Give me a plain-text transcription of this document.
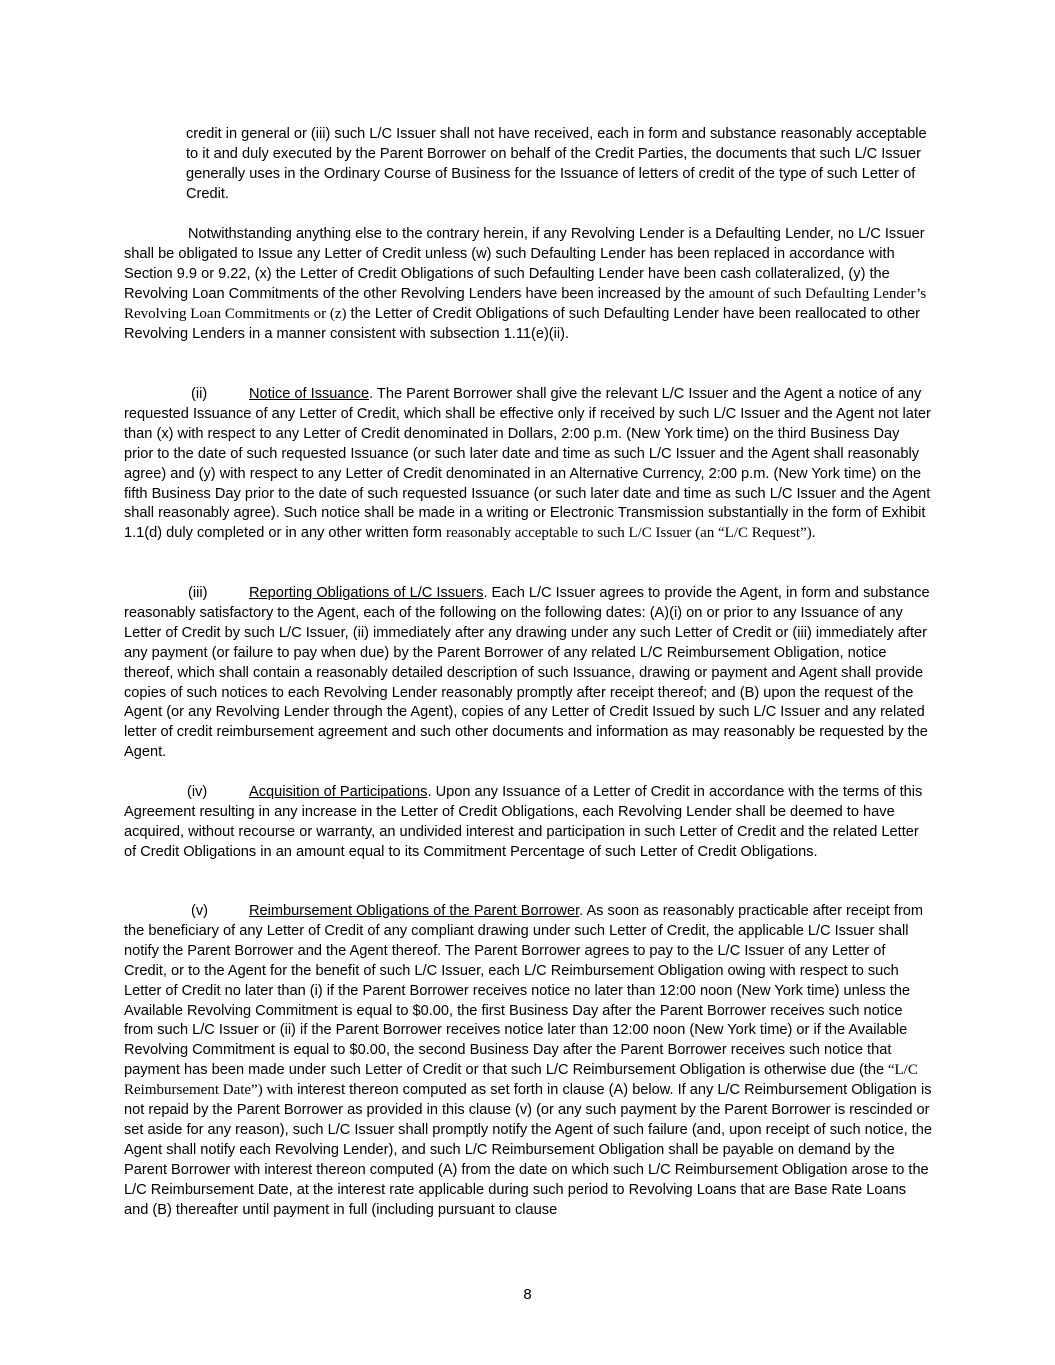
credit in general or (iii) such L/C Issuer shall not have received, each in form and substance reasonably acceptable to it and duly executed by the Parent Borrower on behalf of the Credit Parties, the documents that such L/C Issuer generally uses in the Ordinary Course of Business for the Issuance of letters of credit of the type of such Letter of Credit.

Notwithstanding anything else to the contrary herein, if any Revolving Lender is a Defaulting Lender, no L/C Issuer shall be obligated to Issue any Letter of Credit unless (w) such Defaulting Lender has been replaced in accordance with Section 9.9 or 9.22, (x) the Letter of Credit Obligations of such Defaulting Lender have been cash collateralized, (y) the Revolving Loan Commitments of the other Revolving Lenders have been increased by the amount of such Defaulting Lender’s Revolving Loan Commitments or (z) the Letter of Credit Obligations of such Defaulting Lender have been reallocated to other Revolving Lenders in a manner consistent with subsection 1.11(e)(ii).

(ii)	Notice of Issuance. The Parent Borrower shall give the relevant L/C Issuer and the Agent a notice of any requested Issuance of any Letter of Credit, which shall be effective only if received by such L/C Issuer and the Agent not later than (x) with respect to any Letter of Credit denominated in Dollars, 2:00 p.m. (New York time) on the third Business Day prior to the date of such requested Issuance (or such later date and time as such L/C Issuer and the Agent shall reasonably agree) and (y) with respect to any Letter of Credit denominated in an Alternative Currency, 2:00 p.m. (New York time) on the fifth Business Day prior to the date of such requested Issuance (or such later date and time as such L/C Issuer and the Agent shall reasonably agree). Such notice shall be made in a writing or Electronic Transmission substantially in the form of Exhibit 1.1(d) duly completed or in any other written form reasonably acceptable to such L/C Issuer (an “L/C Request”).

(iii)	Reporting Obligations of L/C Issuers. Each L/C Issuer agrees to provide the Agent, in form and substance reasonably satisfactory to the Agent, each of the following on the following dates: (A)(i) on or prior to any Issuance of any Letter of Credit by such L/C Issuer, (ii) immediately after any drawing under any such Letter of Credit or (iii) immediately after any payment (or failure to pay when due) by the Parent Borrower of any related L/C Reimbursement Obligation, notice thereof, which shall contain a reasonably detailed description of such Issuance, drawing or payment and Agent shall provide copies of such notices to each Revolving Lender reasonably promptly after receipt thereof; and (B) upon the request of the Agent (or any Revolving Lender through the Agent), copies of any Letter of Credit Issued by such L/C Issuer and any related letter of credit reimbursement agreement and such other documents and information as may reasonably be requested by the Agent.

(iv)	Acquisition of Participations. Upon any Issuance of a Letter of Credit in accordance with the terms of this Agreement resulting in any increase in the Letter of Credit Obligations, each Revolving Lender shall be deemed to have acquired, without recourse or warranty, an undivided interest and participation in such Letter of Credit and the related Letter of Credit Obligations in an amount equal to its Commitment Percentage of such Letter of Credit Obligations.

(v)	Reimbursement Obligations of the Parent Borrower. As soon as reasonably practicable after receipt from the beneficiary of any Letter of Credit of any compliant drawing under such Letter of Credit, the applicable L/C Issuer shall notify the Parent Borrower and the Agent thereof. The Parent Borrower agrees to pay to the L/C Issuer of any Letter of Credit, or to the Agent for the benefit of such L/C Issuer, each L/C Reimbursement Obligation owing with respect to such Letter of Credit no later than (i) if the Parent Borrower receives notice no later than 12:00 noon (New York time) unless the Available Revolving Commitment is equal to $0.00, the first Business Day after the Parent Borrower receives such notice from such L/C Issuer or (ii) if the Parent Borrower receives notice later than 12:00 noon (New York time) or if the Available Revolving Commitment is equal to $0.00, the second Business Day after the Parent Borrower receives such notice that payment has been made under such Letter of Credit or that such L/C Reimbursement Obligation is otherwise due (the “L/C Reimbursement Date”) with interest thereon computed as set forth in clause (A) below. If any L/C Reimbursement Obligation is not repaid by the Parent Borrower as provided in this clause (v) (or any such payment by the Parent Borrower is rescinded or set aside for any reason), such L/C Issuer shall promptly notify the Agent of such failure (and, upon receipt of such notice, the Agent shall notify each Revolving Lender), and such L/C Reimbursement Obligation shall be payable on demand by the Parent Borrower with interest thereon computed (A) from the date on which such L/C Reimbursement Obligation arose to the L/C Reimbursement Date, at the interest rate applicable during such period to Revolving Loans that are Base Rate Loans and (B) thereafter until payment in full (including pursuant to clause

8
